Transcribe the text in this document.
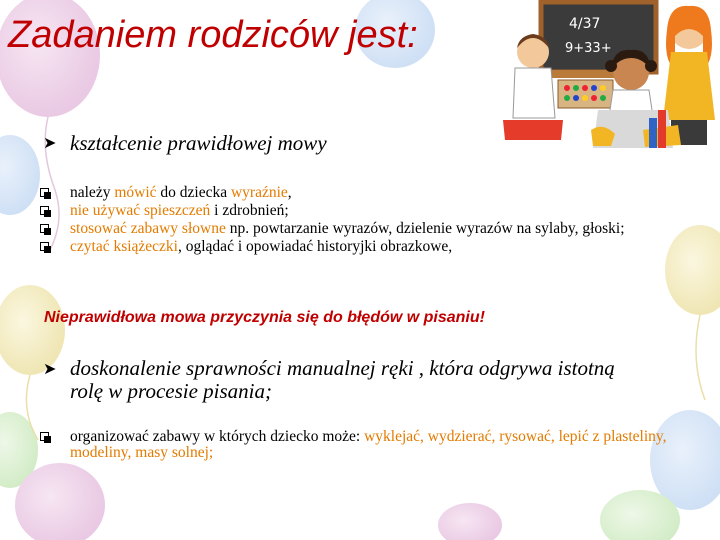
Zadaniem rodziców jest:	4/37
9+33+
➤ kształcenie prawidłowej mowy
należy mówić do dziecka wyraźnie,
nie używać spieszczeń i zdrobnień;
stosować zabawy słowne np. powtarzanie wyrazów, dzielenie wyrazów na sylaby, głoski;
czytać książeczki, oglądać i opowiadać historyjki obrazkowe,
Nieprawidłowa mowa przyczynia się do błędów w pisaniu!
➤ doskonalenie sprawności manualnej ręki , która odgrywa istotną rolę w procesie pisania;
organizować zabawy w których dziecko może: wyklejać, wydzierać, rysować, lepić z plasteliny, modeliny, masy solnej;
